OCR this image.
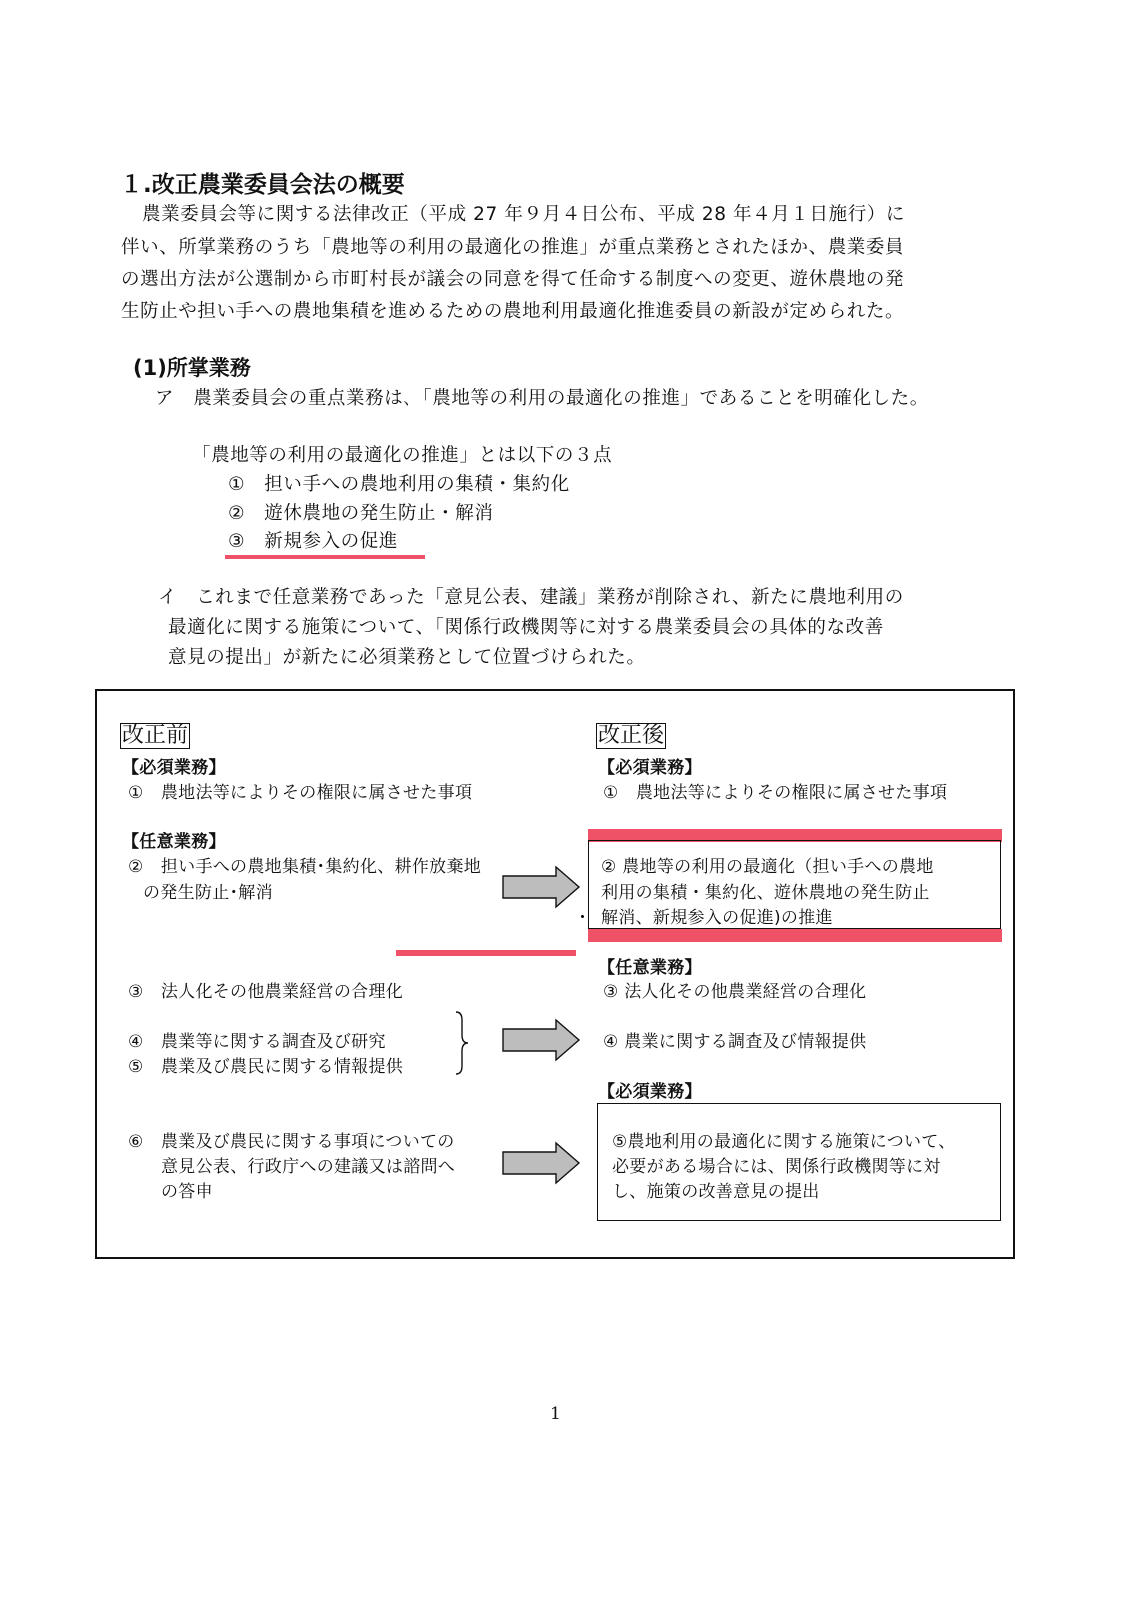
１.改正農業委員会法の概要
農業委員会等に関する法律改正（平成 27 年９月４日公布、平成 28 年４月１日施行）に
伴い、所掌業務のうち「農地等の利用の最適化の推進」が重点業務とされたほか、農業委員
の選出方法が公選制から市町村長が議会の同意を得て任命する制度への変更、遊休農地の発
生防止や担い手への農地集積を進めるための農地利用最適化推進委員の新設が定められた。
(1)所掌業務
ア　農業委員会の重点業務は､「農地等の利用の最適化の推進」であることを明確化した。
「農地等の利用の最適化の推進」とは以下の３点
①　担い手への農地利用の集積・集約化
②　遊休農地の発生防止・解消
③　新規参入の促進
イ　これまで任意業務であった「意見公表、建議」業務が削除され、新たに農地利用の
最適化に関する施策について、「関係行政機関等に対する農業委員会の具体的な改善
意見の提出」が新たに必須業務として位置づけられた。
改正前
【必須業務】
①　農地法等によりその権限に属させた事項
【任意業務】
②　担い手への農地集積･集約化、耕作放棄地
の発生防止･解消
・
③　法人化その他農業経営の合理化
④　農業等に関する調査及び研究
⑤　農業及び農民に関する情報提供
⑥　農業及び農民に関する事項についての
意見公表、行政庁への建議又は諮問へ
の答申
改正後
【必須業務】
①　農地法等によりその権限に属させた事項
② 農地等の利用の最適化（担い手への農地
利用の集積・集約化、遊休農地の発生防止
解消、新規参入の促進)の推進
【任意業務】
③ 法人化その他農業経営の合理化
④ 農業に関する調査及び情報提供
【必須業務】
⑤農地利用の最適化に関する施策について、
必要がある場合には、関係行政機関等に対
し、施策の改善意見の提出
1
